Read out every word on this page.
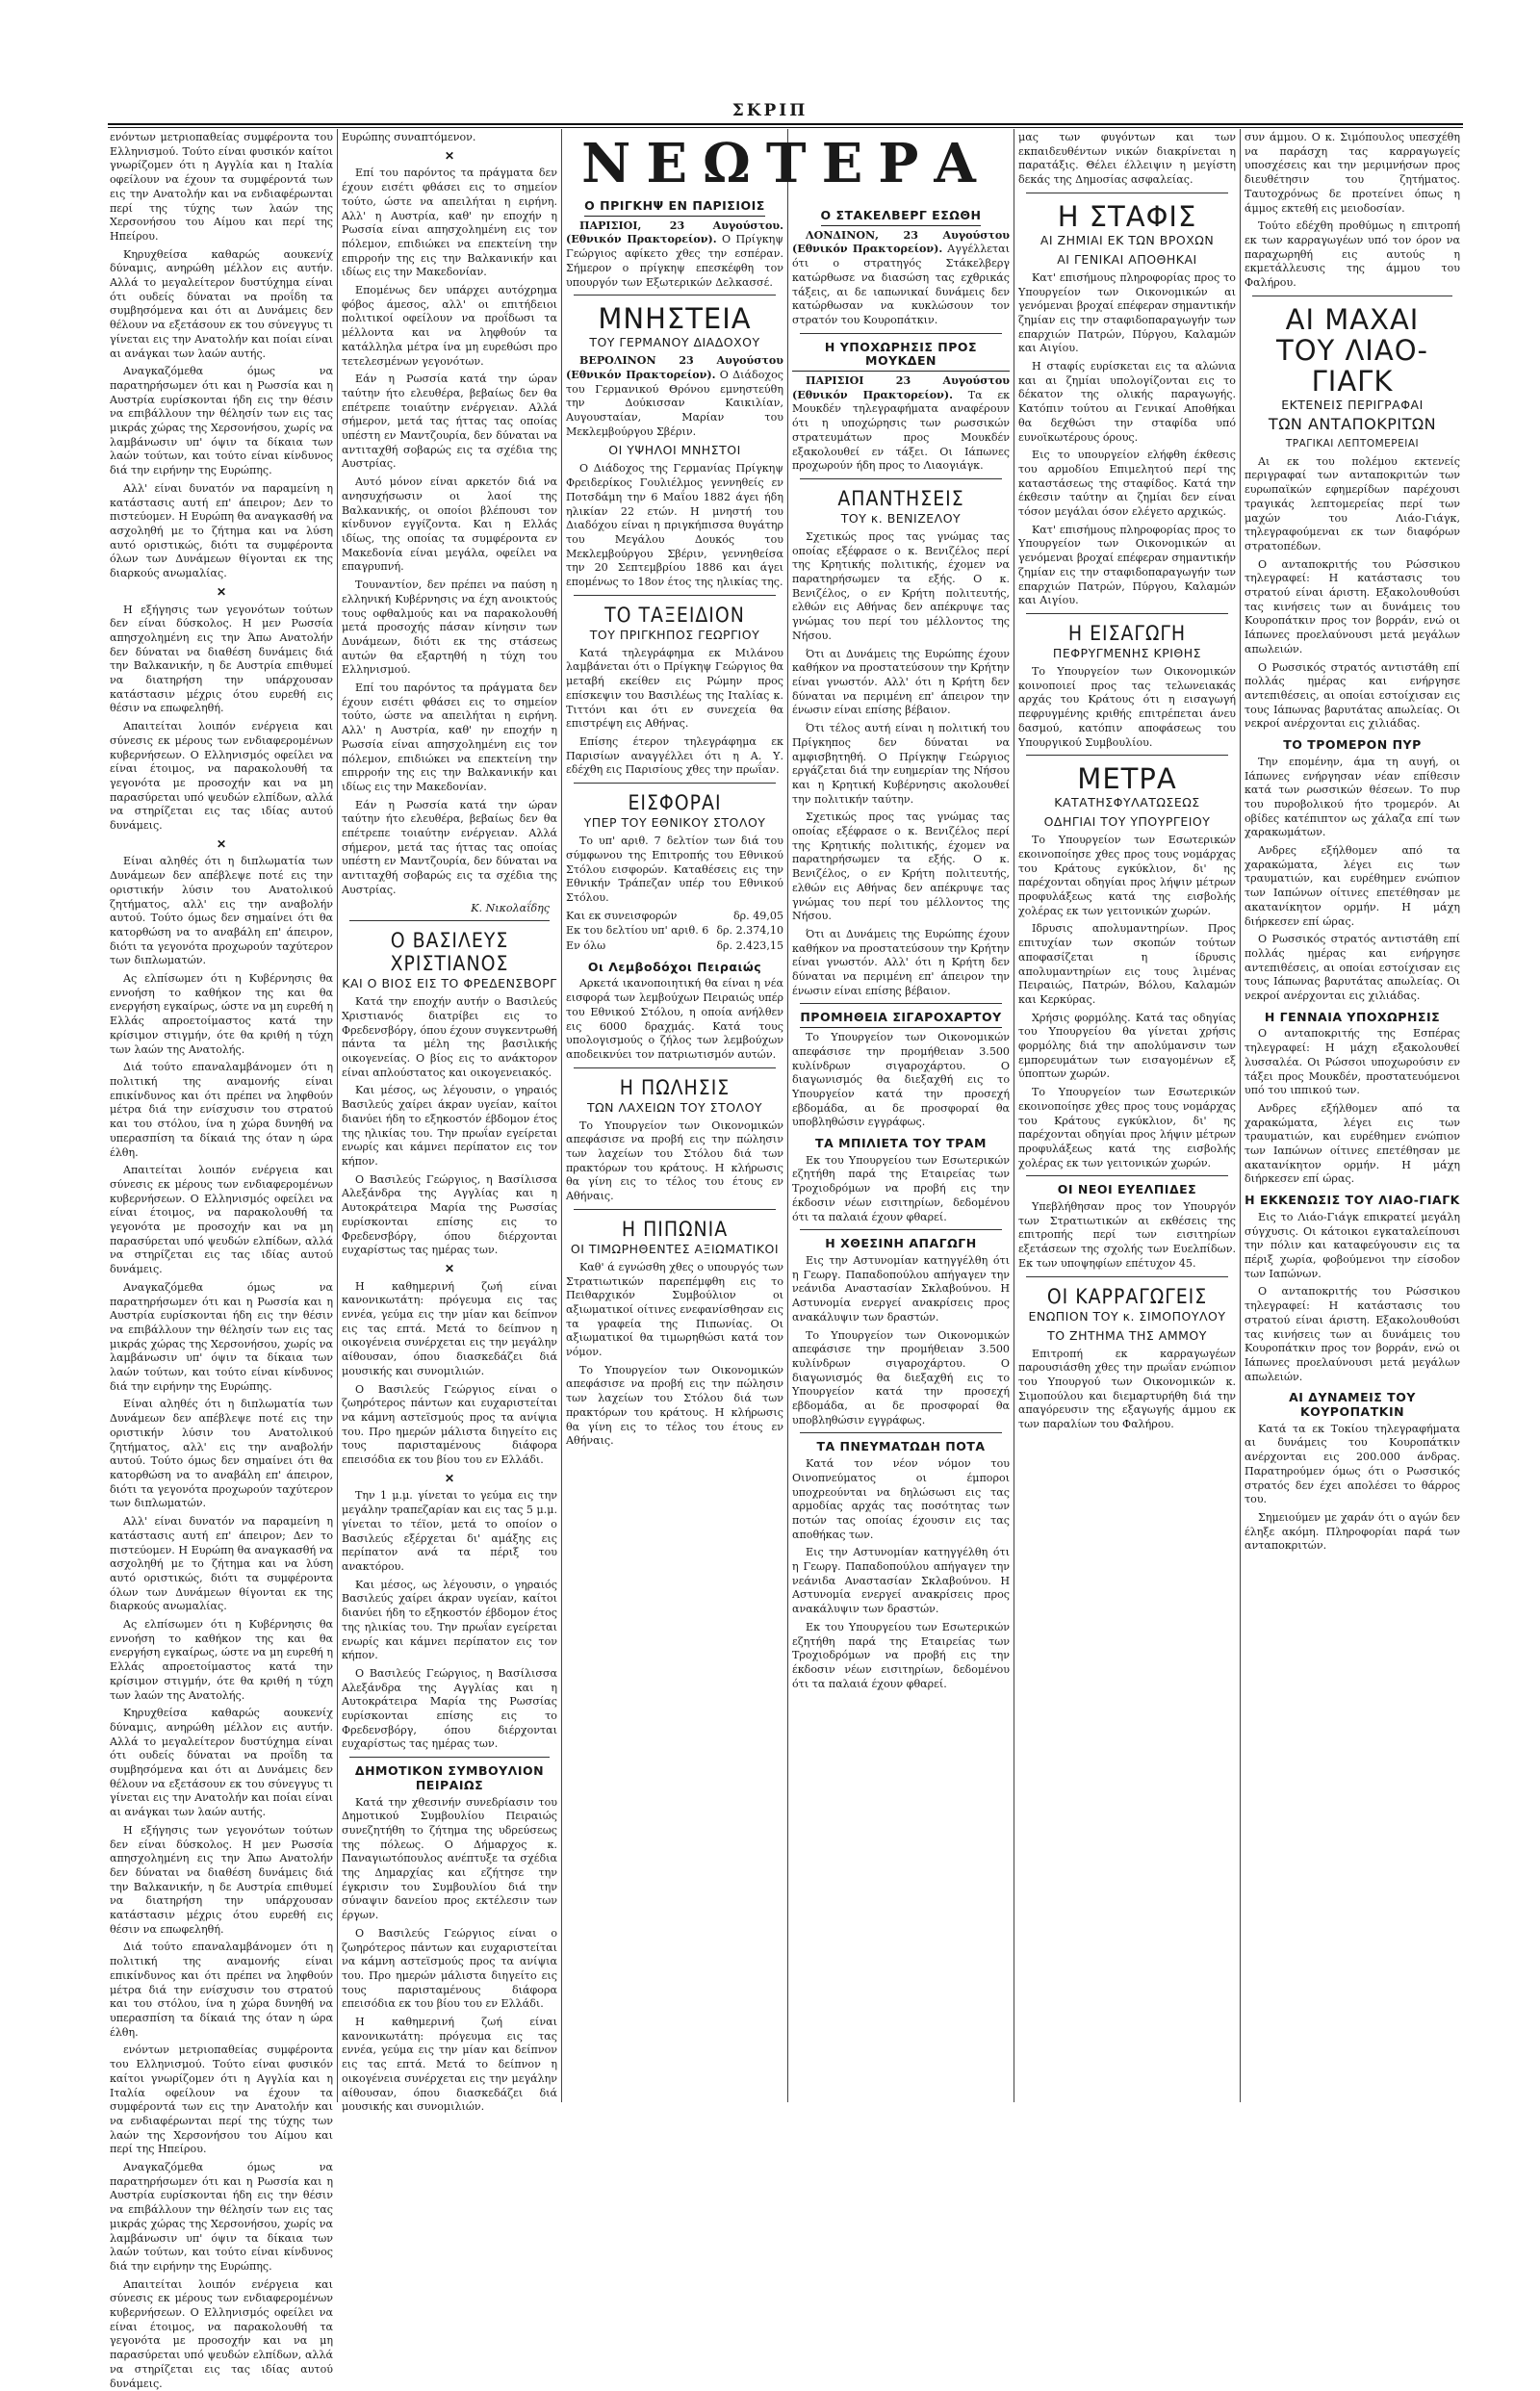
ΣΚΡΙΠ

ενόντων μετριοπαθείας συμφέροντα του Ελληνισμού. Τούτο είναι φυσικόν καίτοι γνωρίζομεν ότι η Αγγλία και η Ιταλία οφείλουν να έχουν τα συμφέροντά των εις την Ανατολήν και να ενδιαφέρωνται περί της τύχης των λαών της Χερσονήσου του Αίμου και περί της Ηπείρου.

Κηρυχθείσα καθαρώς αουκενίχ δύναμις, ανηρώθη μέλλον εις αυτήν. Αλλά το μεγαλείτερον δυστύχημα είναι ότι ουδείς δύναται να προΐδη τα συμβησόμενα και ότι αι Δυνάμεις δεν θέλουν να εξετάσουν εκ του σύνεγγυς τι γίνεται εις την Ανατολήν και ποίαι είναι αι ανάγκαι των λαών αυτής.

Αναγκαζόμεθα όμως να παρατηρήσωμεν ότι και η Ρωσσία και η Αυστρία ευρίσκονται ήδη εις την θέσιν να επιβάλλουν την θέλησίν των εις τας μικράς χώρας της Χερσονήσου, χωρίς να λαμβάνωσιν υπ' όψιν τα δίκαια των λαών τούτων, και τούτο είναι κίνδυνος διά την ειρήνην της Ευρώπης.

Αλλ' είναι δυνατόν να παραμείνη η κατάστασις αυτή επ' άπειρον; Δεν το πιστεύομεν. Η Ευρώπη θα αναγκασθή να ασχοληθή με το ζήτημα και να λύση αυτό οριστικώς, διότι τα συμφέροντα όλων των Δυνάμεων θίγονται εκ της διαρκούς ανωμαλίας.

✕

Η εξήγησις των γεγονότων τούτων δεν είναι δύσκολος. Η μεν Ρωσσία απησχολημένη εις την Άπω Ανατολήν δεν δύναται να διαθέση δυνάμεις διά την Βαλκανικήν, η δε Αυστρία επιθυμεί να διατηρήση την υπάρχουσαν κατάστασιν μέχρις ότου ευρεθή εις θέσιν να επωφεληθή.

Απαιτείται λοιπόν ενέργεια και σύνεσις εκ μέρους των ενδιαφερομένων κυβερνήσεων. Ο Ελληνισμός οφείλει να είναι έτοιμος, να παρακολουθή τα γεγονότα με προσοχήν και να μη παρασύρεται υπό ψευδών ελπίδων, αλλά να στηρίζεται εις τας ιδίας αυτού δυνάμεις.

✕

Είναι αληθές ότι η διπλωματία των Δυνάμεων δεν απέβλεψε ποτέ εις την οριστικήν λύσιν του Ανατολικού ζητήματος, αλλ' εις την αναβολήν αυτού. Τούτο όμως δεν σημαίνει ότι θα κατορθώση να το αναβάλη επ' άπειρον, διότι τα γεγονότα προχωρούν ταχύτερον των διπλωματών.

Ας ελπίσωμεν ότι η Κυβέρνησις θα εννοήση το καθήκον της και θα ενεργήση εγκαίρως, ώστε να μη ευρεθή η Ελλάς απροετοίμαστος κατά την κρίσιμον στιγμήν, ότε θα κριθή η τύχη των λαών της Ανατολής.

Διά τούτο επαναλαμβάνομεν ότι η πολιτική της αναμονής είναι επικίνδυνος και ότι πρέπει να ληφθούν μέτρα διά την ενίσχυσιν του στρατού και του στόλου, ίνα η χώρα δυνηθή να υπερασπίση τα δίκαιά της όταν η ώρα έλθη.

Απαιτείται λοιπόν ενέργεια και σύνεσις εκ μέρους των ενδιαφερομένων κυβερνήσεων. Ο Ελληνισμός οφείλει να είναι έτοιμος, να παρακολουθή τα γεγονότα με προσοχήν και να μη παρασύρεται υπό ψευδών ελπίδων, αλλά να στηρίζεται εις τας ιδίας αυτού δυνάμεις.

Αναγκαζόμεθα όμως να παρατηρήσωμεν ότι και η Ρωσσία και η Αυστρία ευρίσκονται ήδη εις την θέσιν να επιβάλλουν την θέλησίν των εις τας μικράς χώρας της Χερσονήσου, χωρίς να λαμβάνωσιν υπ' όψιν τα δίκαια των λαών τούτων, και τούτο είναι κίνδυνος διά την ειρήνην της Ευρώπης.

Είναι αληθές ότι η διπλωματία των Δυνάμεων δεν απέβλεψε ποτέ εις την οριστικήν λύσιν του Ανατολικού ζητήματος, αλλ' εις την αναβολήν αυτού. Τούτο όμως δεν σημαίνει ότι θα κατορθώση να το αναβάλη επ' άπειρον, διότι τα γεγονότα προχωρούν ταχύτερον των διπλωματών.

Αλλ' είναι δυνατόν να παραμείνη η κατάστασις αυτή επ' άπειρον; Δεν το πιστεύομεν. Η Ευρώπη θα αναγκασθή να ασχοληθή με το ζήτημα και να λύση αυτό οριστικώς, διότι τα συμφέροντα όλων των Δυνάμεων θίγονται εκ της διαρκούς ανωμαλίας.

Ας ελπίσωμεν ότι η Κυβέρνησις θα εννοήση το καθήκον της και θα ενεργήση εγκαίρως, ώστε να μη ευρεθή η Ελλάς απροετοίμαστος κατά την κρίσιμον στιγμήν, ότε θα κριθή η τύχη των λαών της Ανατολής.

Κηρυχθείσα καθαρώς αουκενίχ δύναμις, ανηρώθη μέλλον εις αυτήν. Αλλά το μεγαλείτερον δυστύχημα είναι ότι ουδείς δύναται να προΐδη τα συμβησόμενα και ότι αι Δυνάμεις δεν θέλουν να εξετάσουν εκ του σύνεγγυς τι γίνεται εις την Ανατολήν και ποίαι είναι αι ανάγκαι των λαών αυτής.

Η εξήγησις των γεγονότων τούτων δεν είναι δύσκολος. Η μεν Ρωσσία απησχολημένη εις την Άπω Ανατολήν δεν δύναται να διαθέση δυνάμεις διά την Βαλκανικήν, η δε Αυστρία επιθυμεί να διατηρήση την υπάρχουσαν κατάστασιν μέχρις ότου ευρεθή εις θέσιν να επωφεληθή.

Διά τούτο επαναλαμβάνομεν ότι η πολιτική της αναμονής είναι επικίνδυνος και ότι πρέπει να ληφθούν μέτρα διά την ενίσχυσιν του στρατού και του στόλου, ίνα η χώρα δυνηθή να υπερασπίση τα δίκαιά της όταν η ώρα έλθη.

ενόντων μετριοπαθείας συμφέροντα του Ελληνισμού. Τούτο είναι φυσικόν καίτοι γνωρίζομεν ότι η Αγγλία και η Ιταλία οφείλουν να έχουν τα συμφέροντά των εις την Ανατολήν και να ενδιαφέρωνται περί της τύχης των λαών της Χερσονήσου του Αίμου και περί της Ηπείρου.

Αναγκαζόμεθα όμως να παρατηρήσωμεν ότι και η Ρωσσία και η Αυστρία ευρίσκονται ήδη εις την θέσιν να επιβάλλουν την θέλησίν των εις τας μικράς χώρας της Χερσονήσου, χωρίς να λαμβάνωσιν υπ' όψιν τα δίκαια των λαών τούτων, και τούτο είναι κίνδυνος διά την ειρήνην της Ευρώπης.

Απαιτείται λοιπόν ενέργεια και σύνεσις εκ μέρους των ενδιαφερομένων κυβερνήσεων. Ο Ελληνισμός οφείλει να είναι έτοιμος, να παρακολουθή τα γεγονότα με προσοχήν και να μη παρασύρεται υπό ψευδών ελπίδων, αλλά να στηρίζεται εις τας ιδίας αυτού δυνάμεις.

Ευρώπης συναπτόμενον.

✕

Επί του παρόντος τα πράγματα δεν έχουν εισέτι φθάσει εις το σημείον τούτο, ώστε να απειλήται η ειρήνη. Αλλ' η Αυστρία, καθ' ην εποχήν η Ρωσσία είναι απησχολημένη εις τον πόλεμον, επιδιώκει να επεκτείνη την επιρροήν της εις την Βαλκανικήν και ιδίως εις την Μακεδονίαν.

Επομένως δεν υπάρχει αυτόχρημα φόβος άμεσος, αλλ' οι επιτήδειοι πολιτικοί οφείλουν να προΐδωσι τα μέλλοντα και να ληφθούν τα κατάλληλα μέτρα ίνα μη ευρεθώσι προ τετελεσμένων γεγονότων.

Εάν η Ρωσσία κατά την ώραν ταύτην ήτο ελευθέρα, βεβαίως δεν θα επέτρεπε τοιαύτην ενέργειαν. Αλλά σήμερον, μετά τας ήττας τας οποίας υπέστη εν Μαντζουρία, δεν δύναται να αντιταχθή σοβαρώς εις τα σχέδια της Αυστρίας.

Αυτό μόνον είναι αρκετόν διά να ανησυχήσωσιν οι λαοί της Βαλκανικής, οι οποίοι βλέπουσι τον κίνδυνον εγγίζοντα. Και η Ελλάς ιδίως, της οποίας τα συμφέροντα εν Μακεδονία είναι μεγάλα, οφείλει να επαγρυπνή.

Τουναντίον, δεν πρέπει να παύση η ελληνική Κυβέρνησις να έχη ανοικτούς τους οφθαλμούς και να παρακολουθή μετά προσοχής πάσαν κίνησιν των Δυνάμεων, διότι εκ της στάσεως αυτών θα εξαρτηθή η τύχη του Ελληνισμού.

Επί του παρόντος τα πράγματα δεν έχουν εισέτι φθάσει εις το σημείον τούτο, ώστε να απειλήται η ειρήνη. Αλλ' η Αυστρία, καθ' ην εποχήν η Ρωσσία είναι απησχολημένη εις τον πόλεμον, επιδιώκει να επεκτείνη την επιρροήν της εις την Βαλκανικήν και ιδίως εις την Μακεδονίαν.

Εάν η Ρωσσία κατά την ώραν ταύτην ήτο ελευθέρα, βεβαίως δεν θα επέτρεπε τοιαύτην ενέργειαν. Αλλά σήμερον, μετά τας ήττας τας οποίας υπέστη εν Μαντζουρία, δεν δύναται να αντιταχθή σοβαρώς εις τα σχέδια της Αυστρίας.

Κ. Νικολαΐδης

Ο ΒΑΣΙΛΕΥΣ ΧΡΙΣΤΙΑΝΟΣ
ΚΑΙ Ο ΒΙΟΣ ΕΙΣ ΤΟ ΦΡΕΔΕΝΣΒΟΡΓ

Κατά την εποχήν αυτήν ο Βασιλεύς Χριστιανός διατρίβει εις το Φρεδενσβόργ, όπου έχουν συγκεντρωθή πάντα τα μέλη της βασιλικής οικογενείας. Ο βίος εις το ανάκτορον είναι απλούστατος και οικογενειακός.

Και μέσος, ως λέγουσιν, ο γηραιός Βασιλεύς χαίρει άκραν υγείαν, καίτοι διανύει ήδη το εξηκοστόν έβδομον έτος της ηλικίας του. Την πρωΐαν εγείρεται ενωρίς και κάμνει περίπατον εις τον κήπον.

Ο Βασιλεύς Γεώργιος, η Βασίλισσα Αλεξάνδρα της Αγγλίας και η Αυτοκράτειρα Μαρία της Ρωσσίας ευρίσκονται επίσης εις το Φρεδενσβόργ, όπου διέρχονται ευχαρίστως τας ημέρας των.

✕

Η καθημερινή ζωή είναι κανονικωτάτη: πρόγευμα εις τας εννέα, γεύμα εις την μίαν και δείπνον εις τας επτά. Μετά το δείπνον η οικογένεια συνέρχεται εις την μεγάλην αίθουσαν, όπου διασκεδάζει διά μουσικής και συνομιλιών.

Ο Βασιλεύς Γεώργιος είναι ο ζωηρότερος πάντων και ευχαριστείται να κάμνη αστεϊσμούς προς τα ανίψια του. Προ ημερών μάλιστα διηγείτο εις τους παρισταμένους διάφορα επεισόδια εκ του βίου του εν Ελλάδι.

✕

Την 1 μ.μ. γίνεται το γεύμα εις την μεγάλην τραπεζαρίαν και εις τας 5 μ.μ. γίνεται το τέϊον, μετά το οποίον ο Βασιλεύς εξέρχεται δι' αμάξης εις περίπατον ανά τα πέριξ του ανακτόρου.

Και μέσος, ως λέγουσιν, ο γηραιός Βασιλεύς χαίρει άκραν υγείαν, καίτοι διανύει ήδη το εξηκοστόν έβδομον έτος της ηλικίας του. Την πρωΐαν εγείρεται ενωρίς και κάμνει περίπατον εις τον κήπον.

Ο Βασιλεύς Γεώργιος, η Βασίλισσα Αλεξάνδρα της Αγγλίας και η Αυτοκράτειρα Μαρία της Ρωσσίας ευρίσκονται επίσης εις το Φρεδενσβόργ, όπου διέρχονται ευχαρίστως τας ημέρας των.

ΔΗΜΟΤΙΚΟΝ ΣΥΜΒΟΥΛΙΟΝ ΠΕΙΡΑΙΩΣ

Κατά την χθεσινήν συνεδρίασιν του Δημοτικού Συμβουλίου Πειραιώς συνεζητήθη το ζήτημα της υδρεύσεως της πόλεως. Ο Δήμαρχος κ. Παναγιωτόπουλος ανέπτυξε τα σχέδια της Δημαρχίας και εζήτησε την έγκρισιν του Συμβουλίου διά την σύναψιν δανείου προς εκτέλεσιν των έργων.

Ο Βασιλεύς Γεώργιος είναι ο ζωηρότερος πάντων και ευχαριστείται να κάμνη αστεϊσμούς προς τα ανίψια του. Προ ημερών μάλιστα διηγείτο εις τους παρισταμένους διάφορα επεισόδια εκ του βίου του εν Ελλάδι.

Η καθημερινή ζωή είναι κανονικωτάτη: πρόγευμα εις τας εννέα, γεύμα εις την μίαν και δείπνον εις τας επτά. Μετά το δείπνον η οικογένεια συνέρχεται εις την μεγάλην αίθουσαν, όπου διασκεδάζει διά μουσικής και συνομιλιών.

ΝΕΩΤΕΡΑ
Ο ΠΡΙΓΚΗΨ ΕΝ ΠΑΡΙΣΙΟΙΣ

ΠΑΡΙΣΙΟΙ, 23 Αυγούστου. (Εθνικόν Πρακτορείον). Ο Πρίγκηψ Γεώργιος αφίκετο χθες την εσπέραν. Σήμερον ο πρίγκηψ επεσκέφθη τον υπουργόν των Εξωτερικών Δελκασσέ.

ΜΝΗΣΤΕΙΑ
ΤΟΥ ΓΕΡΜΑΝΟΥ ΔΙΑΔΟΧΟΥ

ΒΕΡΟΛΙΝΟΝ 23 Αυγούστου (Εθνικόν Πρακτορείον). Ο Διάδοχος του Γερμανικού Θρόνου εμνηστεύθη την Δούκισσαν Καικιλίαν, Αυγουσταίαν, Μαρίαν του Μεκλεμβούργου Σβέριν.

ΟΙ ΥΨΗΛΟΙ ΜΝΗΣΤΟΙ

Ο Διάδοχος της Γερμανίας Πρίγκηψ Φρειδερίκος Γουλιέλμος γεννηθείς εν Ποτσδάμη την 6 Μαΐου 1882 άγει ήδη ηλικίαν 22 ετών. Η μνηστή του Διαδόχου είναι η πριγκήπισσα θυγάτηρ του Μεγάλου Δουκός του Μεκλεμβούργου Σβέριν, γεννηθείσα την 20 Σεπτεμβρίου 1886 και άγει επομένως το 18ον έτος της ηλικίας της.

ΤΟ ΤΑΞΕΙΔΙΟΝ
ΤΟΥ ΠΡΙΓΚΗΠΟΣ ΓΕΩΡΓΙΟΥ

Κατά τηλεγράφημα εκ Μιλάνου λαμβάνεται ότι ο Πρίγκηψ Γεώργιος θα μεταβή εκείθεν εις Ρώμην προς επίσκεψιν του Βασιλέως της Ιταλίας κ. Τιττόνι και ότι εν συνεχεία θα επιστρέψη εις Αθήνας.

Επίσης έτερον τηλεγράφημα εκ Παρισίων αναγγέλλει ότι η Α. Υ. εδέχθη εις Παρισίους χθες την πρωΐαν.

ΕΙΣΦΟΡΑΙ
ΥΠΕΡ ΤΟΥ ΕΘΝΙΚΟΥ ΣΤΟΛΟΥ

Το υπ' αριθ. 7 δελτίον των διά του σύμφωνου της Επιτροπής του Εθνικού Στόλου εισφορών. Καταθέσεις εις την Εθνικήν Τράπεζαν υπέρ του Εθνικού Στόλου.

Και εκ συνεισφορών	δρ. 49,05
Εκ του δελτίου υπ' αριθ. 6 δρ. 2.374,10
Εν όλω	δρ. 2.423,15
Οι Λεμβοδόχοι Πειραιώς

Αρκετά ικανοποιητική θα είναι η νέα εισφορά των λεμβούχων Πειραιώς υπέρ του Εθνικού Στόλου, η οποία ανήλθεν εις 6000 δραχμάς. Κατά τους υπολογισμούς ο ζήλος των λεμβούχων αποδεικνύει τον πατριωτισμόν αυτών.

Η ΠΩΛΗΣΙΣ
ΤΩΝ ΛΑΧΕΙΩΝ ΤΟΥ ΣΤΟΛΟΥ

Το Υπουργείον των Οικονομικών απεφάσισε να προβή εις την πώλησιν των λαχείων του Στόλου διά των πρακτόρων του κράτους. Η κλήρωσις θα γίνη εις το τέλος του έτους εν Αθήναις.

Η ΠΙΠΩΝΙΑ
ΟΙ ΤΙΜΩΡΗΘΕΝΤΕΣ ΑΞΙΩΜΑΤΙΚΟΙ

Καθ' ά εγνώσθη χθες ο υπουργός των Στρατιωτικών παρεπέμφθη εις το Πειθαρχικόν Συμβούλιον οι αξιωματικοί οίτινες ενεφανίσθησαν εις τα γραφεία της Πιπωνίας. Οι αξιωματικοί θα τιμωρηθώσι κατά τον νόμον.

Το Υπουργείον των Οικονομικών απεφάσισε να προβή εις την πώλησιν των λαχείων του Στόλου διά των πρακτόρων του κράτους. Η κλήρωσις θα γίνη εις το τέλος του έτους εν Αθήναις.

Ο ΣΤΑΚΕΛΒΕΡΓ ΕΣΩΘΗ

ΛΟΝΔΙΝΟΝ, 23 Αυγούστου (Εθνικόν Πρακτορείον). Αγγέλλεται ότι ο στρατηγός Στάκελβεργ κατώρθωσε να διασώση τας εχθρικάς τάξεις, αι δε ιαπωνικαί δυνάμεις δεν κατώρθωσαν να κυκλώσουν τον στρατόν του Κουροπάτκιν.

Η ΥΠΟΧΩΡΗΣΙΣ ΠΡΟΣ ΜΟΥΚΔΕΝ

ΠΑΡΙΣΙΟΙ 23 Αυγούστου (Εθνικόν Πρακτορείον). Τα εκ Μουκδέν τηλεγραφήματα αναφέρουν ότι η υποχώρησις των ρωσσικών στρατευμάτων προς Μουκδέν εξακολουθεί εν τάξει. Οι Ιάπωνες προχωρούν ήδη προς το Λιαογιάγκ.

ΑΠΑΝΤΗΣΕΙΣ
ΤΟΥ κ. ΒΕΝΙΖΕΛΟΥ

Σχετικώς προς τας γνώμας τας οποίας εξέφρασε ο κ. Βενιζέλος περί της Κρητικής πολιτικής, έχομεν να παρατηρήσωμεν τα εξής. Ο κ. Βενιζέλος, ο εν Κρήτη πολιτευτής, ελθών εις Αθήνας δεν απέκρυψε τας γνώμας του περί του μέλλοντος της Νήσου.

Ότι αι Δυνάμεις της Ευρώπης έχουν καθήκον να προστατεύσουν την Κρήτην είναι γνωστόν. Αλλ' ότι η Κρήτη δεν δύναται να περιμένη επ' άπειρον την ένωσιν είναι επίσης βέβαιον.

Ότι τέλος αυτή είναι η πολιτική του Πρίγκηπος δεν δύναται να αμφισβητηθή. Ο Πρίγκηψ Γεώργιος εργάζεται διά την ευημερίαν της Νήσου και η Κρητική Κυβέρνησις ακολουθεί την πολιτικήν ταύτην.

Σχετικώς προς τας γνώμας τας οποίας εξέφρασε ο κ. Βενιζέλος περί της Κρητικής πολιτικής, έχομεν να παρατηρήσωμεν τα εξής. Ο κ. Βενιζέλος, ο εν Κρήτη πολιτευτής, ελθών εις Αθήνας δεν απέκρυψε τας γνώμας του περί του μέλλοντος της Νήσου.

Ότι αι Δυνάμεις της Ευρώπης έχουν καθήκον να προστατεύσουν την Κρήτην είναι γνωστόν. Αλλ' ότι η Κρήτη δεν δύναται να περιμένη επ' άπειρον την ένωσιν είναι επίσης βέβαιον.

ΠΡΟΜΗΘΕΙΑ ΣΙΓΑΡΟΧΑΡΤΟΥ

Το Υπουργείον των Οικονομικών απεφάσισε την προμήθειαν 3.500 κυλίνδρων σιγαροχάρτου. Ο διαγωνισμός θα διεξαχθή εις το Υπουργείον κατά την προσεχή εβδομάδα, αι δε προσφοραί θα υποβληθώσιν εγγράφως.

ΤΑ ΜΠΙΛΙΕΤΑ ΤΟΥ ΤΡΑΜ

Εκ του Υπουργείου των Εσωτερικών εζητήθη παρά της Εταιρείας των Τροχιοδρόμων να προβή εις την έκδοσιν νέων εισιτηρίων, δεδομένου ότι τα παλαιά έχουν φθαρεί.

Η ΧΘΕΣΙΝΗ ΑΠΑΓΩΓΗ

Εις την Αστυνομίαν κατηγγέλθη ότι η Γεωργ. Παπαδοπούλου απήγαγεν την νεάνιδα Αναστασίαν Σκλαβούνου. Η Αστυνομία ενεργεί ανακρίσεις προς ανακάλυψιν των δραστών.

Το Υπουργείον των Οικονομικών απεφάσισε την προμήθειαν 3.500 κυλίνδρων σιγαροχάρτου. Ο διαγωνισμός θα διεξαχθή εις το Υπουργείον κατά την προσεχή εβδομάδα, αι δε προσφοραί θα υποβληθώσιν εγγράφως.

ΤΑ ΠΝΕΥΜΑΤΩΔΗ ΠΟΤΑ

Κατά τον νέον νόμον του Οινοπνεύματος οι έμποροι υποχρεούνται να δηλώσωσι εις τας αρμοδίας αρχάς τας ποσότητας των ποτών τας οποίας έχουσιν εις τας αποθήκας των.

Εις την Αστυνομίαν κατηγγέλθη ότι η Γεωργ. Παπαδοπούλου απήγαγεν την νεάνιδα Αναστασίαν Σκλαβούνου. Η Αστυνομία ενεργεί ανακρίσεις προς ανακάλυψιν των δραστών.

Εκ του Υπουργείου των Εσωτερικών εζητήθη παρά της Εταιρείας των Τροχιοδρόμων να προβή εις την έκδοσιν νέων εισιτηρίων, δεδομένου ότι τα παλαιά έχουν φθαρεί.

μας των φυγόντων και των εκπαιδευθέντων νικών διακρίνεται η παρατάξις. Θέλει έλλειψιν η μεγίστη δεκάς της Δημοσίας ασφαλείας.

Η ΣΤΑΦΙΣ
ΑΙ ΖΗΜΙΑΙ ΕΚ ΤΩΝ ΒΡΟΧΩΝ
ΑΙ ΓΕΝΙΚΑΙ ΑΠΟΘΗΚΑΙ

Κατ' επισήμους πληροφορίας προς το Υπουργείον των Οικονομικών αι γενόμεναι βροχαί επέφεραν σημαντικήν ζημίαν εις την σταφιδοπαραγωγήν των επαρχιών Πατρών, Πύργου, Καλαμών και Αιγίου.

Η σταφίς ευρίσκεται εις τα αλώνια και αι ζημίαι υπολογίζονται εις το δέκατον της ολικής παραγωγής. Κατόπιν τούτου αι Γενικαί Αποθήκαι θα δεχθώσι την σταφίδα υπό ευνοϊκωτέρους όρους.

Εις το υπουργείον ελήφθη έκθεσις του αρμοδίου Επιμελητού περί της καταστάσεως της σταφίδος. Κατά την έκθεσιν ταύτην αι ζημίαι δεν είναι τόσον μεγάλαι όσον ελέγετο αρχικώς.

Κατ' επισήμους πληροφορίας προς το Υπουργείον των Οικονομικών αι γενόμεναι βροχαί επέφεραν σημαντικήν ζημίαν εις την σταφιδοπαραγωγήν των επαρχιών Πατρών, Πύργου, Καλαμών και Αιγίου.

Η ΕΙΣΑΓΩΓΗ
ΠΕΦΡΥΓΜΕΝΗΣ ΚΡΙΘΗΣ

Το Υπουργείον των Οικονομικών κοινοποιεί προς τας τελωνειακάς αρχάς του Κράτους ότι η εισαγωγή πεφρυγμένης κριθής επιτρέπεται άνευ δασμού, κατόπιν αποφάσεως του Υπουργικού Συμβουλίου.

ΜΕΤΡΑ
ΚΑΤΑΤΗΣΦΥΛΑΤΩΣΕΩΣ
ΟΔΗΓΙΑΙ ΤΟΥ ΥΠΟΥΡΓΕΙΟΥ

Το Υπουργείον των Εσωτερικών εκοινοποίησε χθες προς τους νομάρχας του Κράτους εγκύκλιον, δι' ης παρέχονται οδηγίαι προς λήψιν μέτρων προφυλάξεως κατά της εισβολής χολέρας εκ των γειτονικών χωρών.

Ιδρυσις απολυμαντηρίων. Προς επιτυχίαν των σκοπών τούτων αποφασίζεται η ίδρυσις απολυμαντηρίων εις τους λιμένας Πειραιώς, Πατρών, Βόλου, Καλαμών και Κερκύρας.

Χρήσις φορμόλης. Κατά τας οδηγίας του Υπουργείου θα γίνεται χρήσις φορμόλης διά την απολύμανσιν των εμπορευμάτων των εισαγομένων εξ ύποπτων χωρών.

Το Υπουργείον των Εσωτερικών εκοινοποίησε χθες προς τους νομάρχας του Κράτους εγκύκλιον, δι' ης παρέχονται οδηγίαι προς λήψιν μέτρων προφυλάξεως κατά της εισβολής χολέρας εκ των γειτονικών χωρών.

ΟΙ ΝΕΟΙ ΕΥΕΛΠΙΔΕΣ

Υπεβλήθησαν προς τον Υπουργόν των Στρατιωτικών αι εκθέσεις της επιτροπής περί των εισιτηρίων εξετάσεων της σχολής των Ευελπίδων. Εκ των υποψηφίων επέτυχον 45.

ΟΙ ΚΑΡΡΑΓΩΓΕΙΣ
ΕΝΩΠΙΟΝ ΤΟΥ κ. ΣΙΜΟΠΟΥΛΟΥ
ΤΟ ΖΗΤΗΜΑ ΤΗΣ ΑΜΜΟΥ

Επιτροπή εκ καρραγωγέων παρουσιάσθη χθες την πρωΐαν ενώπιον του Υπουργού των Οικονομικών κ. Σιμοπούλου και διεμαρτυρήθη διά την απαγόρευσιν της εξαγωγής άμμου εκ των παραλίων του Φαλήρου.

συν άμμου. Ο κ. Σιμόπουλος υπεσχέθη να παράσχη τας καρραγωγείς υποσχέσεις και την μεριμνήσων προς διευθέτησιν του ζητήματος. Ταυτοχρόνως δε προτείνει όπως η άμμος εκτεθή εις μειοδοσίαν.

Τούτο εδέχθη προθύμως η επιτροπή εκ των καρραγωγέων υπό τον όρον να παραχωρηθή εις αυτούς η εκμετάλλευσις της άμμου του Φαλήρου.

ΑΙ ΜΑΧΑΙ
ΤΟΥ ΛΙΑΟ-ΓΙΑΓΚ
ΕΚΤΕΝΕΙΣ ΠΕΡΙΓΡΑΦΑΙ
ΤΩΝ ΑΝΤΑΠΟΚΡΙΤΩΝ
ΤΡΑΓΙΚΑΙ ΛΕΠΤΟΜΕΡΕΙΑΙ

Αι εκ του πολέμου εκτενείς περιγραφαί των ανταποκριτών των ευρωπαϊκών εφημερίδων παρέχουσι τραγικάς λεπτομερείας περί των μαχών του Λιάο-Γιάγκ, τηλεγραφούμεναι εκ των διαφόρων στρατοπέδων.

Ο ανταποκριτής του Ρώσσικου τηλεγραφεί: Η κατάστασις του στρατού είναι άριστη. Εξακολουθούσι τας κινήσεις των αι δυνάμεις του Κουροπάτκιν προς τον βορράν, ενώ οι Ιάπωνες προελαύνουσι μετά μεγάλων απωλειών.

Ο Ρωσσικός στρατός αντιστάθη επί πολλάς ημέρας και ενήργησε αντεπιθέσεις, αι οποίαι εστοίχισαν εις τους Ιάπωνας βαρυτάτας απωλείας. Οι νεκροί ανέρχονται εις χιλιάδας.

ΤΟ ΤΡΟΜΕΡΟΝ ΠΥΡ

Την επομένην, άμα τη αυγή, οι Ιάπωνες ενήργησαν νέαν επίθεσιν κατά των ρωσσικών θέσεων. Το πυρ του πυροβολικού ήτο τρομερόν. Αι οβίδες κατέπιπτον ως χάλαζα επί των χαρακωμάτων.

Ανδρες εξήλθομεν από τα χαρακώματα, λέγει εις των τραυματιών, και ευρέθημεν ενώπιον των Ιαπώνων οίτινες επετέθησαν με ακατανίκητον ορμήν. Η μάχη διήρκεσεν επί ώρας.

Ο Ρωσσικός στρατός αντιστάθη επί πολλάς ημέρας και ενήργησε αντεπιθέσεις, αι οποίαι εστοίχισαν εις τους Ιάπωνας βαρυτάτας απωλείας. Οι νεκροί ανέρχονται εις χιλιάδας.

Η ΓΕΝΝΑΙΑ ΥΠΟΧΩΡΗΣΙΣ

Ο ανταποκριτής της Εσπέρας τηλεγραφεί: Η μάχη εξακολουθεί λυσσαλέα. Οι Ρώσσοι υποχωρούσιν εν τάξει προς Μουκδέν, προστατευόμενοι υπό του ιππικού των.

Ανδρες εξήλθομεν από τα χαρακώματα, λέγει εις των τραυματιών, και ευρέθημεν ενώπιον των Ιαπώνων οίτινες επετέθησαν με ακατανίκητον ορμήν. Η μάχη διήρκεσεν επί ώρας.

Η ΕΚΚΕΝΩΣΙΣ ΤΟΥ ΛΙΑΟ-ΓΙΑΓΚ

Εις το Λιάο-Γιάγκ επικρατεί μεγάλη σύγχυσις. Οι κάτοικοι εγκαταλείπουσι την πόλιν και καταφεύγουσιν εις τα πέριξ χωρία, φοβούμενοι την είσοδον των Ιαπώνων.

Ο ανταποκριτής του Ρώσσικου τηλεγραφεί: Η κατάστασις του στρατού είναι άριστη. Εξακολουθούσι τας κινήσεις των αι δυνάμεις του Κουροπάτκιν προς τον βορράν, ενώ οι Ιάπωνες προελαύνουσι μετά μεγάλων απωλειών.

ΑΙ ΔΥΝΑΜΕΙΣ ΤΟΥ ΚΟΥΡΟΠΑΤΚΙΝ

Κατά τα εκ Τοκίου τηλεγραφήματα αι δυνάμεις του Κουροπάτκιν ανέρχονται εις 200.000 άνδρας. Παρατηρούμεν όμως ότι ο Ρωσσικός στρατός δεν έχει απολέσει το θάρρος του.

Σημειούμεν με χαράν ότι ο αγών δεν έληξε ακόμη. Πληροφορίαι παρά των ανταποκριτών.
